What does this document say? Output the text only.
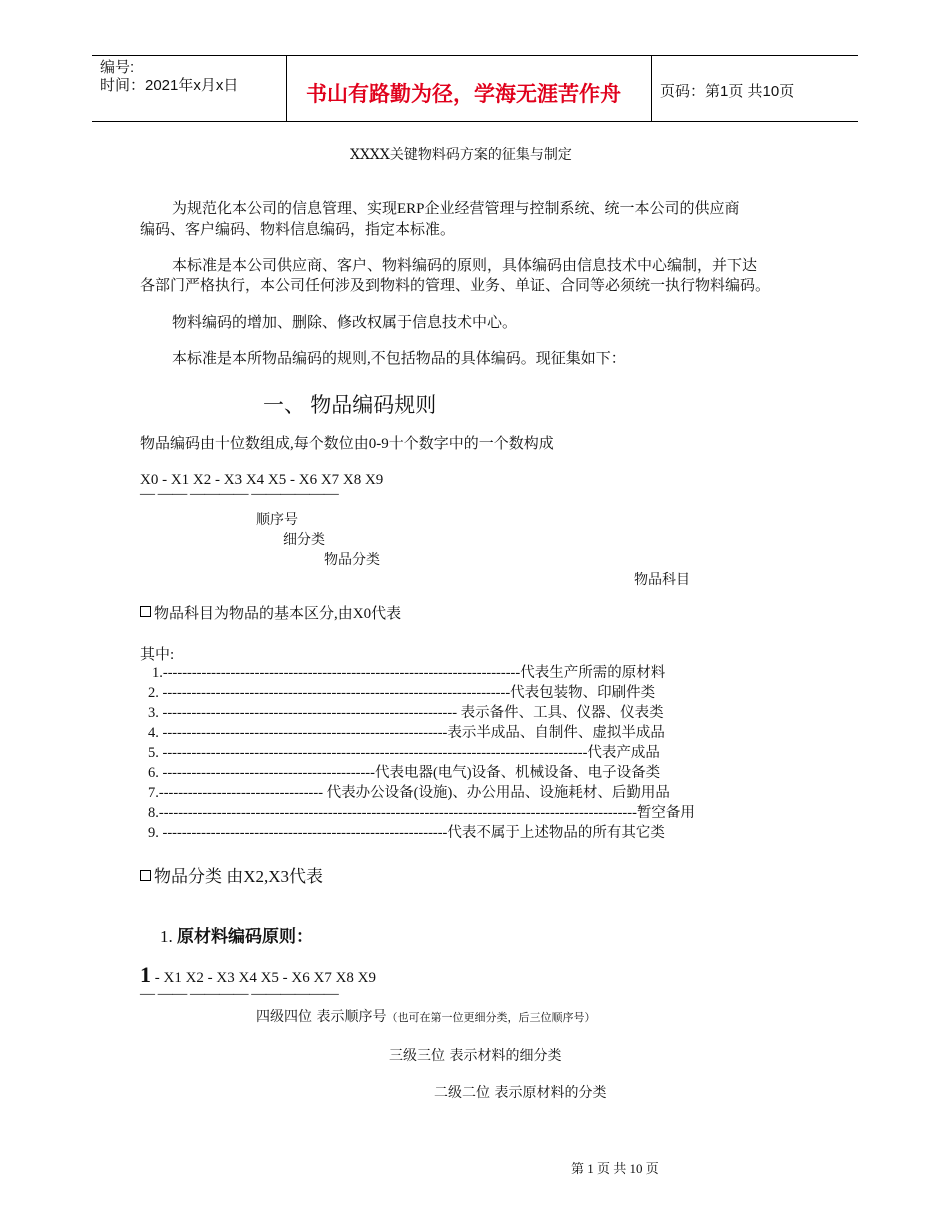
编号:
时间：2021年x月x日	书山有路勤为径，学海无涯苦作舟	页码：第1页 共10页
XXXX关键物料码方案的征集与制定
为规范化本公司的信息管理、实现ERP企业经营管理与控制系统、统一本公司的供应商
编码、客户编码、物料信息编码，指定本标准。
本标准是本公司供应商、客户、物料编码的原则，具体编码由信息技术中心编制，并下达
各部门严格执行，本公司任何涉及到物料的管理、业务、单证、合同等必须统一执行物料编码。
物料编码的增加、删除、修改权属于信息技术中心。
本标准是本所物品编码的规则,不包括物品的具体编码。现征集如下：
一、 物品编码规则
物品编码由十位数组成,每个数位由0-9十个数字中的一个数构成
X0 - X1 X2 - X3 X4 X5 - X6 X7 X8 X9
— —— ———— ——————
顺序号
细分类
物品分类
物品科目
物品科目为物品的基本区分,由X0代表
其中:
1.--------------------------------------------------------------------------代表生产所需的原材料
2. ------------------------------------------------------------------------代表包装物、印刷件类
3. ------------------------------------------------------------- 表示备件、工具、仪器、仪表类
4. -----------------------------------------------------------表示半成品、自制件、虚拟半成品
5. ----------------------------------------------------------------------------------------代表产成品
6. --------------------------------------------代表电器(电气)设备、机械设备、电子设备类
7.---------------------------------- 代表办公设备(设施)、办公用品、设施耗材、后勤用品
8.---------------------------------------------------------------------------------------------------暂空备用
9. -----------------------------------------------------------代表不属于上述物品的所有其它类
物品分类 由X2,X3代表
1. 原材料编码原则：
1 - X1 X2 - X3 X4 X5 - X6 X7 X8 X9
— —— ———— ——————
四级四位 表示顺序号（也可在第一位更细分类，后三位顺序号）
三级三位 表示材料的细分类
二级二位 表示原材料的分类
第 1 页 共 10 页
